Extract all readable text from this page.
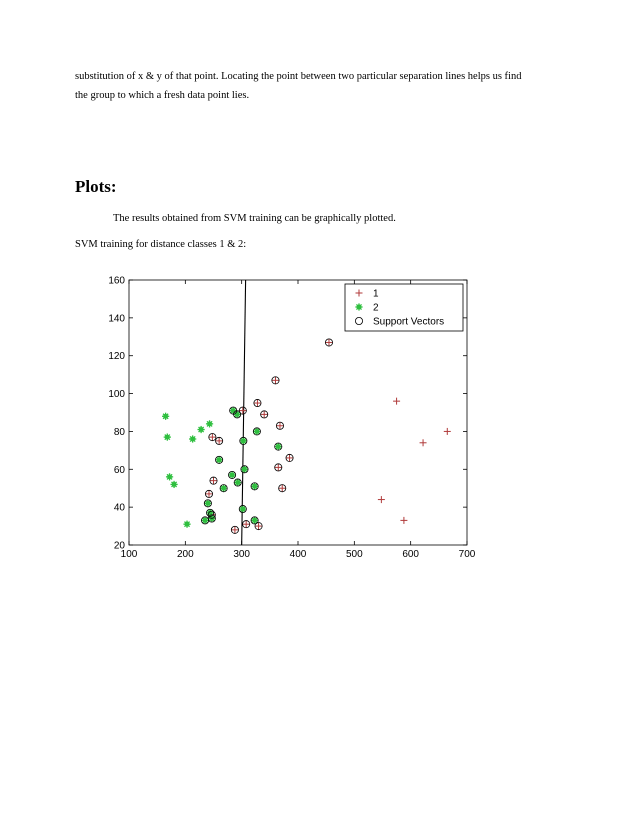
substitution of x & y of that point. Locating the point between two particular separation lines helps us find
the group to which a fresh data point lies.
Plots:
The results obtained from SVM training can be graphically plotted.
SVM training for distance classes 1 & 2:
100	200	300	400	500	600	700
20
40
60
80
100
120
140
160
1
2
Support Vectors
